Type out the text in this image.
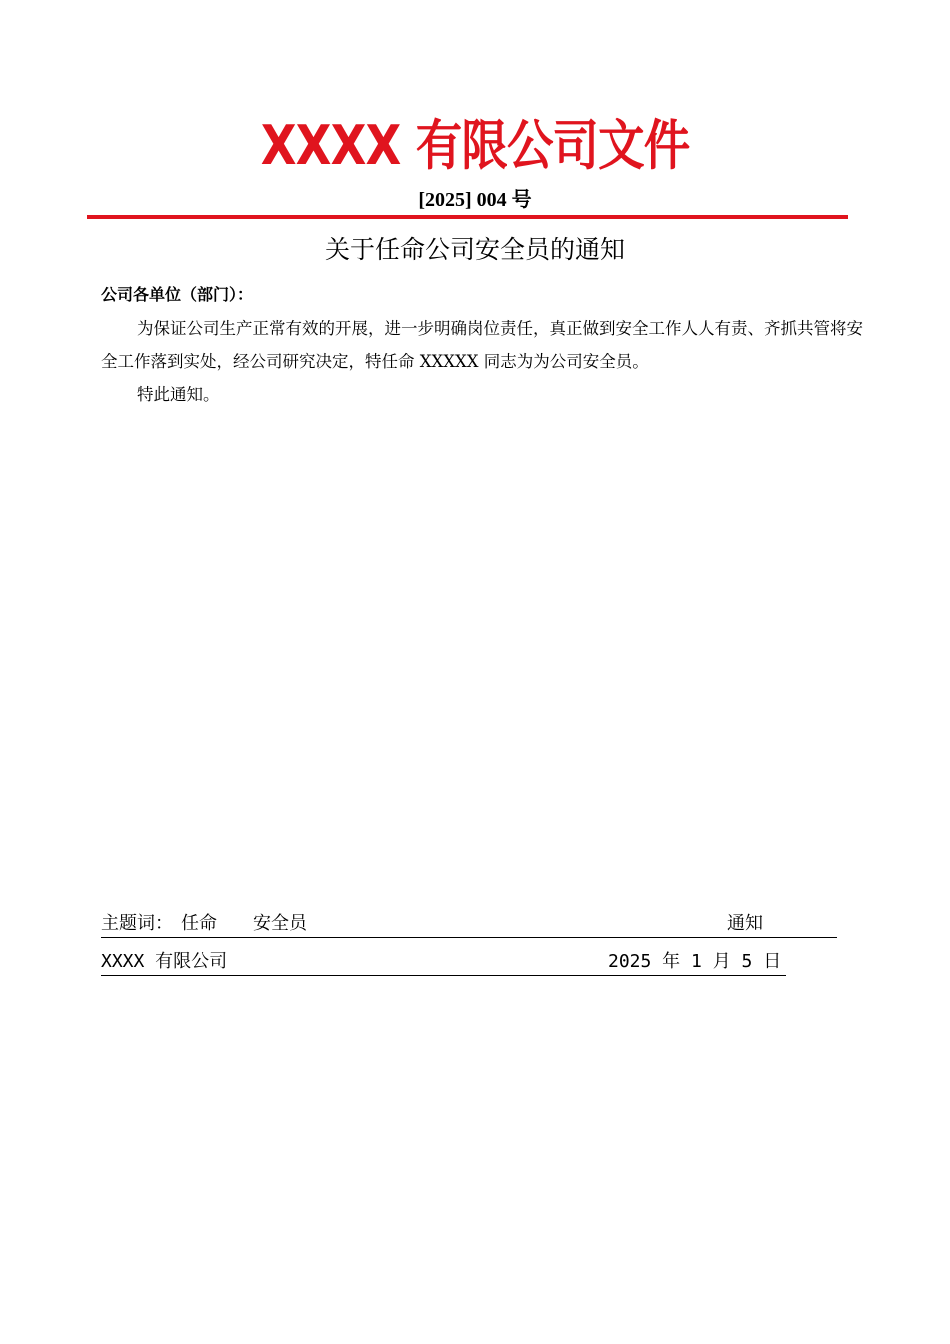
XXXX 有限公司文件
[2025] 004 号
关于任命公司安全员的通知
公司各单位（部门）：

为保证公司生产正常有效的开展，进一步明确岗位责任，真正做到安全工作人人有责、齐抓共管将安全工作落到实处，经公司研究决定，特任命 XXXXX 同志为为公司安全员。

特此通知。
主题词： 任命 安全员	通知
XXXX 有限公司	2025 年 1 月 5 日
